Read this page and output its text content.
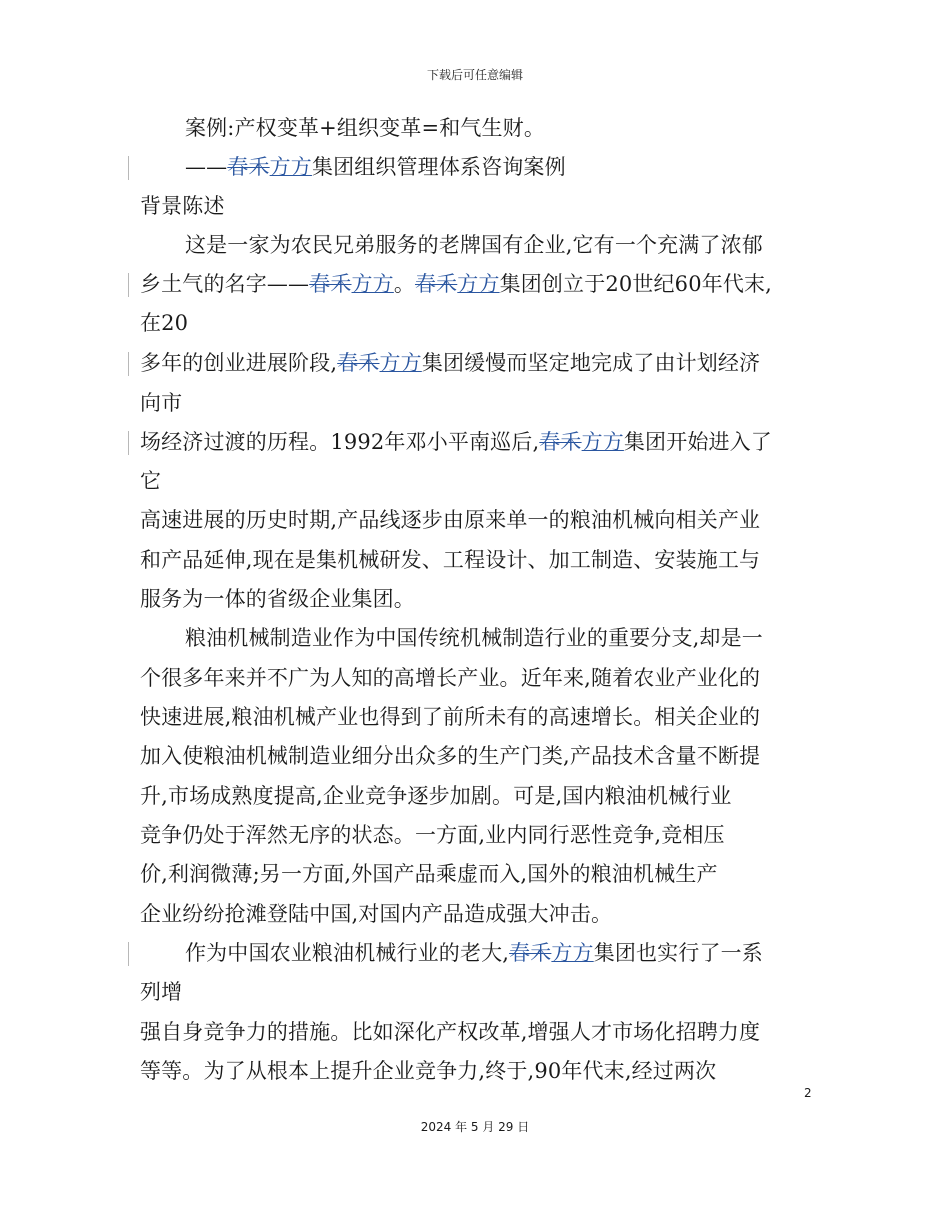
下载后可任意编辑
案例:产权变革+组织变革=和气生财。
——春禾方方集团组织管理体系咨询案例
背景陈述
这是一家为农民兄弟服务的老牌国有企业,它有一个充满了浓郁
乡土气的名字——春禾方方。春禾方方集团创立于20世纪60年代末,
在20
多年的创业进展阶段,春禾方方集团缓慢而坚定地完成了由计划经济
向市
场经济过渡的历程。1992年邓小平南巡后,春禾方方集团开始进入了
它
高速进展的历史时期,产品线逐步由原来单一的粮油机械向相关产业
和产品延伸,现在是集机械研发、工程设计、加工制造、安装施工与
服务为一体的省级企业集团。
粮油机械制造业作为中国传统机械制造行业的重要分支,却是一
个很多年来并不广为人知的高增长产业。近年来,随着农业产业化的
快速进展,粮油机械产业也得到了前所未有的高速增长。相关企业的
加入使粮油机械制造业细分出众多的生产门类,产品技术含量不断提
升,市场成熟度提高,企业竞争逐步加剧。可是,国内粮油机械行业
竞争仍处于浑然无序的状态。一方面,业内同行恶性竞争,竞相压
价,利润微薄;另一方面,外国产品乘虚而入,国外的粮油机械生产
企业纷纷抢滩登陆中国,对国内产品造成强大冲击。
作为中国农业粮油机械行业的老大,春禾方方集团也实行了一系
列增
强自身竞争力的措施。比如深化产权改革,增强人才市场化招聘力度
等等。为了从根本上提升企业竞争力,终于,90年代末,经过两次
2
2024 年 5 月 29 日
